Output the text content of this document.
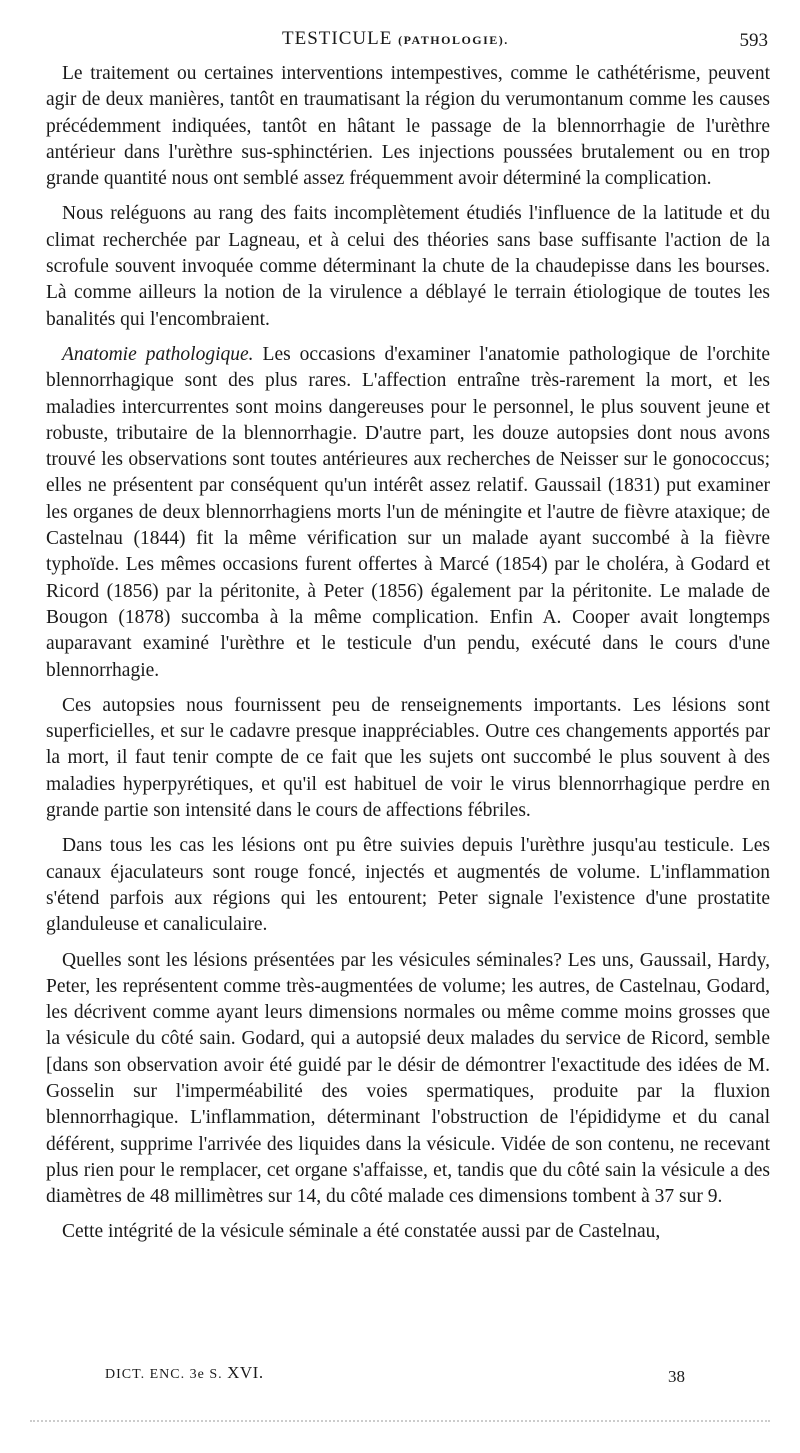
TESTICULE (PATHOLOGIE).	593

Le traitement ou certaines interventions intempestives, comme le cathétérisme, peuvent agir de deux manières, tantôt en traumatisant la région du verumontanum comme les causes précédemment indiquées, tantôt en hâtant le passage de la blennorrhagie de l'urèthre antérieur dans l'urèthre sus-sphinctérien. Les injections poussées brutalement ou en trop grande quantité nous ont semblé assez fréquemment avoir déterminé la complication.

Nous reléguons au rang des faits incomplètement étudiés l'influence de la latitude et du climat recherchée par Lagneau, et à celui des théories sans base suffisante l'action de la scrofule souvent invoquée comme déterminant la chute de la chaudepisse dans les bourses. Là comme ailleurs la notion de la virulence a déblayé le terrain étiologique de toutes les banalités qui l'encombraient.

Anatomie pathologique. Les occasions d'examiner l'anatomie pathologique de l'orchite blennorrhagique sont des plus rares. L'affection entraîne très-rarement la mort, et les maladies intercurrentes sont moins dangereuses pour le personnel, le plus souvent jeune et robuste, tributaire de la blennorrhagie. D'autre part, les douze autopsies dont nous avons trouvé les observations sont toutes antérieures aux recherches de Neisser sur le gonococcus; elles ne présentent par conséquent qu'un intérêt assez relatif. Gaussail (1831) put examiner les organes de deux blennorrhagiens morts l'un de méningite et l'autre de fièvre ataxique; de Castelnau (1844) fit la même vérification sur un malade ayant succombé à la fièvre typhoïde. Les mêmes occasions furent offertes à Marcé (1854) par le choléra, à Godard et Ricord (1856) par la péritonite, à Peter (1856) également par la péritonite. Le malade de Bougon (1878) succomba à la même complication. Enfin A. Cooper avait longtemps auparavant examiné l'urèthre et le testicule d'un pendu, exécuté dans le cours d'une blennorrhagie.

Ces autopsies nous fournissent peu de renseignements importants. Les lésions sont superficielles, et sur le cadavre presque inappréciables. Outre ces changements apportés par la mort, il faut tenir compte de ce fait que les sujets ont succombé le plus souvent à des maladies hyperpyrétiques, et qu'il est habituel de voir le virus blennorrhagique perdre en grande partie son intensité dans le cours de affections fébriles.

Dans tous les cas les lésions ont pu être suivies depuis l'urèthre jusqu'au testicule. Les canaux éjaculateurs sont rouge foncé, injectés et augmentés de volume. L'inflammation s'étend parfois aux régions qui les entourent; Peter signale l'existence d'une prostatite glanduleuse et canaliculaire.

Quelles sont les lésions présentées par les vésicules séminales? Les uns, Gaussail, Hardy, Peter, les représentent comme très-augmentées de volume; les autres, de Castelnau, Godard, les décrivent comme ayant leurs dimensions normales ou même comme moins grosses que la vésicule du côté sain. Godard, qui a autopsié deux malades du service de Ricord, semble [dans son observation avoir été guidé par le désir de démontrer l'exactitude des idées de M. Gosselin sur l'imperméabilité des voies spermatiques, produite par la fluxion blennorrhagique. L'inflammation, déterminant l'obstruction de l'épididyme et du canal déférent, supprime l'arrivée des liquides dans la vésicule. Vidée de son contenu, ne recevant plus rien pour le remplacer, cet organe s'affaisse, et, tandis que du côté sain la vésicule a des diamètres de 48 millimètres sur 14, du côté malade ces dimensions tombent à 37 sur 9.

Cette intégrité de la vésicule séminale a été constatée aussi par de Castelnau,

DICT. ENC. 3e S. XVI.	38
